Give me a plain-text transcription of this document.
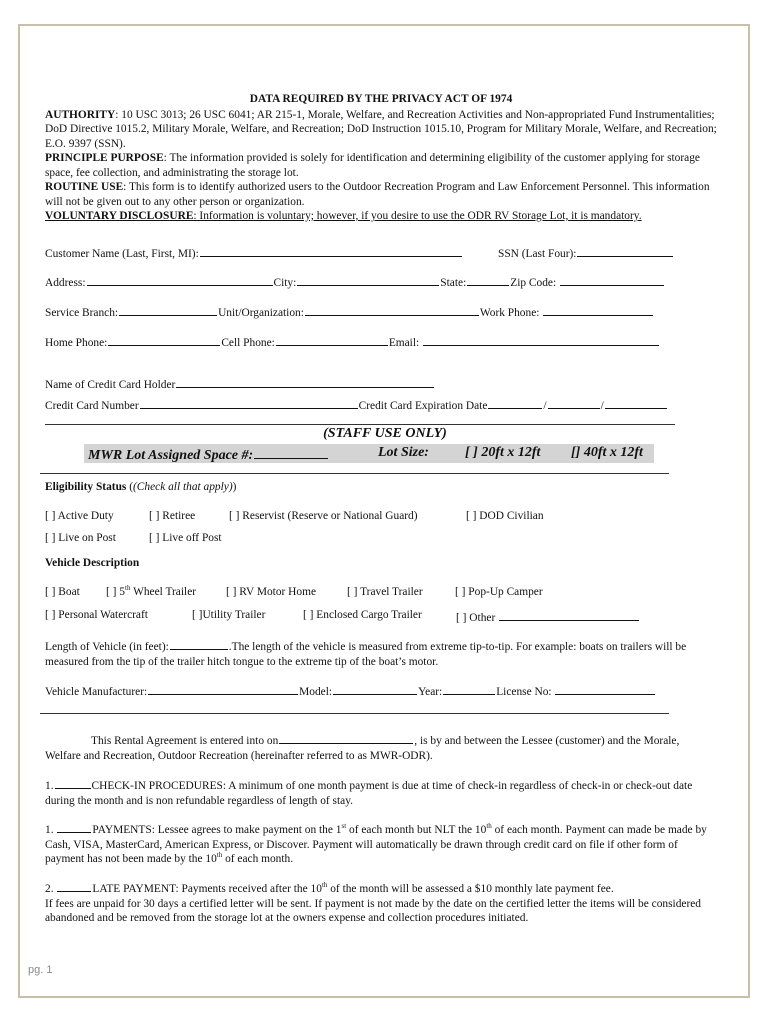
DATA REQUIRED BY THE PRIVACY ACT OF 1974

AUTHORITY: 10 USC 3013; 26 USC 6041; AR 215-1, Morale, Welfare, and Recreation Activities and Non-appropriated Fund Instrumentalities; DoD Directive 1015.2, Military Morale, Welfare, and Recreation; DoD Instruction 1015.10, Program for Military Morale, Welfare, and Recreation; E.O. 9397 (SSN).

PRINCIPLE PURPOSE: The information provided is solely for identification and determining eligibility of the customer applying for storage space, fee collection, and administrating the storage lot.

ROUTINE USE: This form is to identify authorized users to the Outdoor Recreation Program and Law Enforcement Personnel. This information will not be given out to any other person or organization.

VOLUNTARY DISCLOSURE: Information is voluntary; however, if you desire to use the ODR RV Storage Lot, it is mandatory.

Customer Name (Last, First, MI):	SSN (Last Four):
Address:	City:	State:	Zip Code:
Service Branch:	Unit/Organization:	Work Phone:
Home Phone:	Cell Phone:	Email:
Name of Credit Card Holder
Credit Card Number	Credit Card Expiration Date	/	/
(STAFF USE ONLY)
MWR Lot Assigned Space #:	Lot Size:	[ ] 20ft x 12ft [] 40ft x 12ft
Eligibility Status ((Check all that apply))
[ ] Active Duty	[ ] Retiree	[ ] Reservist (Reserve or National Guard)	[ ] DOD Civilian
[ ] Live on Post	[ ] Live off Post
Vehicle Description
[ ] Boat [ ] 5th Wheel Trailer	[ ] RV Motor Home	[ ] Travel Trailer	[ ] Pop-Up Camper
[ ] Personal Watercraft	[ ]Utility Trailer	[ ] Enclosed Cargo Trailer	[ ] Other
Length of Vehicle (in feet):	.The length of the vehicle is measured from extreme tip-to-tip. For example: boats on trailers will be measured from the tip of the trailer hitch tongue to the extreme tip of the boat’s motor.
Vehicle Manufacturer:	Model:	Year:	License No:
This Rental Agreement is entered into on	, is by and between the Lessee (customer) and the Morale, Welfare and Recreation, Outdoor Recreation (hereinafter referred to as MWR-ODR).
1.	CHECK-IN PROCEDURES: A minimum of one month payment is due at time of check-in regardless of check-in or check-out date during the month and is non refundable regardless of length of stay.
1.	PAYMENTS: Lessee agrees to make payment on the 1st of each month but NLT the 10th of each month. Payment can made be made by Cash, VISA, MasterCard, American Express, or Discover. Payment will automatically be drawn through credit card on file if other form of payment has not been made by the 10th of each month.
2.	LATE PAYMENT: Payments received after the 10th of the month will be assessed a $10 monthly late payment fee.
If fees are unpaid for 30 days a certified letter will be sent. If payment is not made by the date on the certified letter the items will be considered abandoned and be removed from the storage lot at the owners expense and collection procedures initiated.
pg. 1
